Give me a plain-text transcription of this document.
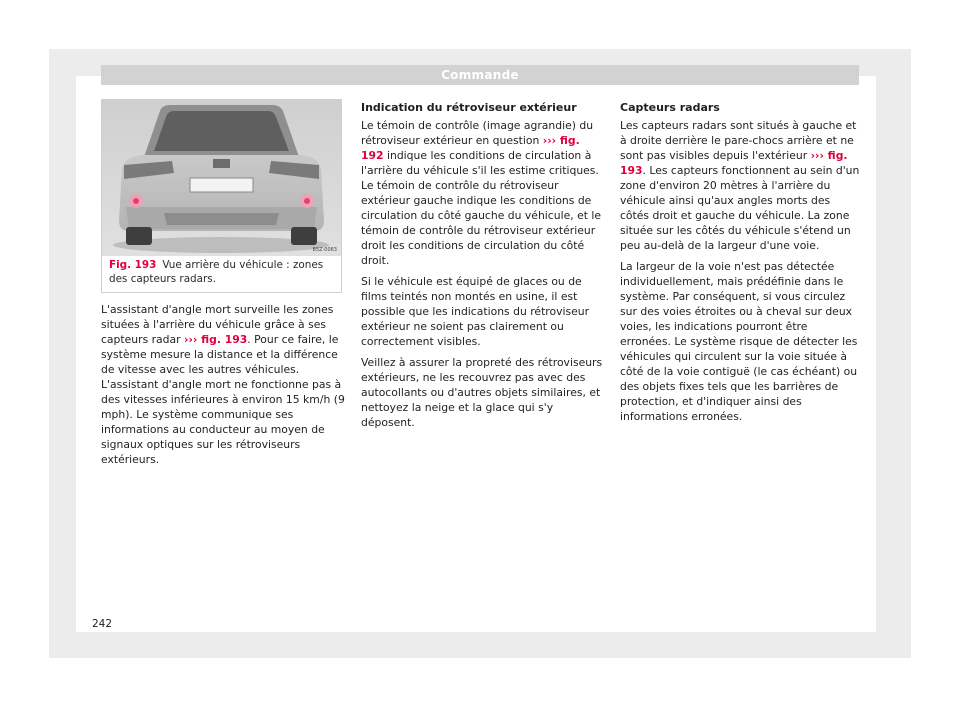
Commande
B5Z-0063
Fig. 193 Vue arrière du véhicule : zones des capteurs radars.

L'assistant d'angle mort surveille les zones situées à l'arrière du véhicule grâce à ses capteurs radar ››› fig. 193. Pour ce faire, le système mesure la distance et la différence de vitesse avec les autres véhicules. L'assistant d'angle mort ne fonctionne pas à des vitesses inférieures à environ 15 km/h (9 mph). Le système communique ses informations au conducteur au moyen de signaux optiques sur les rétroviseurs extérieurs.

Indication du rétroviseur extérieur

Le témoin de contrôle (image agrandie) du rétroviseur extérieur en question ››› fig. 192 indique les conditions de circulation à l'arrière du véhicule s'il les estime critiques. Le témoin de contrôle du rétroviseur extérieur gauche indique les conditions de circulation du côté gauche du véhicule, et le témoin de contrôle du rétroviseur extérieur droit les conditions de circulation du côté droit.

Si le véhicule est équipé de glaces ou de films teintés non montés en usine, il est possible que les indications du rétroviseur extérieur ne soient pas clairement ou correctement visibles.

Veillez à assurer la propreté des rétroviseurs extérieurs, ne les recouvrez pas avec des autocollants ou d'autres objets similaires, et nettoyez la neige et la glace qui s'y déposent.

Capteurs radars

Les capteurs radars sont situés à gauche et à droite derrière le pare-chocs arrière et ne sont pas visibles depuis l'extérieur ››› fig. 193. Les capteurs fonctionnent au sein d'un zone d'environ 20 mètres à l'arrière du véhicule ainsi qu'aux angles morts des côtés droit et gauche du véhicule. La zone située sur les côtés du véhicule s'étend un peu au-delà de la largeur d'une voie.

La largeur de la voie n'est pas détectée individuellement, mais prédéfinie dans le système. Par conséquent, si vous circulez sur des voies étroites ou à cheval sur deux voies, les indications pourront être erronées. Le système risque de détecter les véhicules qui circulent sur la voie située à côté de la voie contiguë (le cas échéant) ou des objets fixes tels que les barrières de protection, et d'indiquer ainsi des informations erronées.

242
